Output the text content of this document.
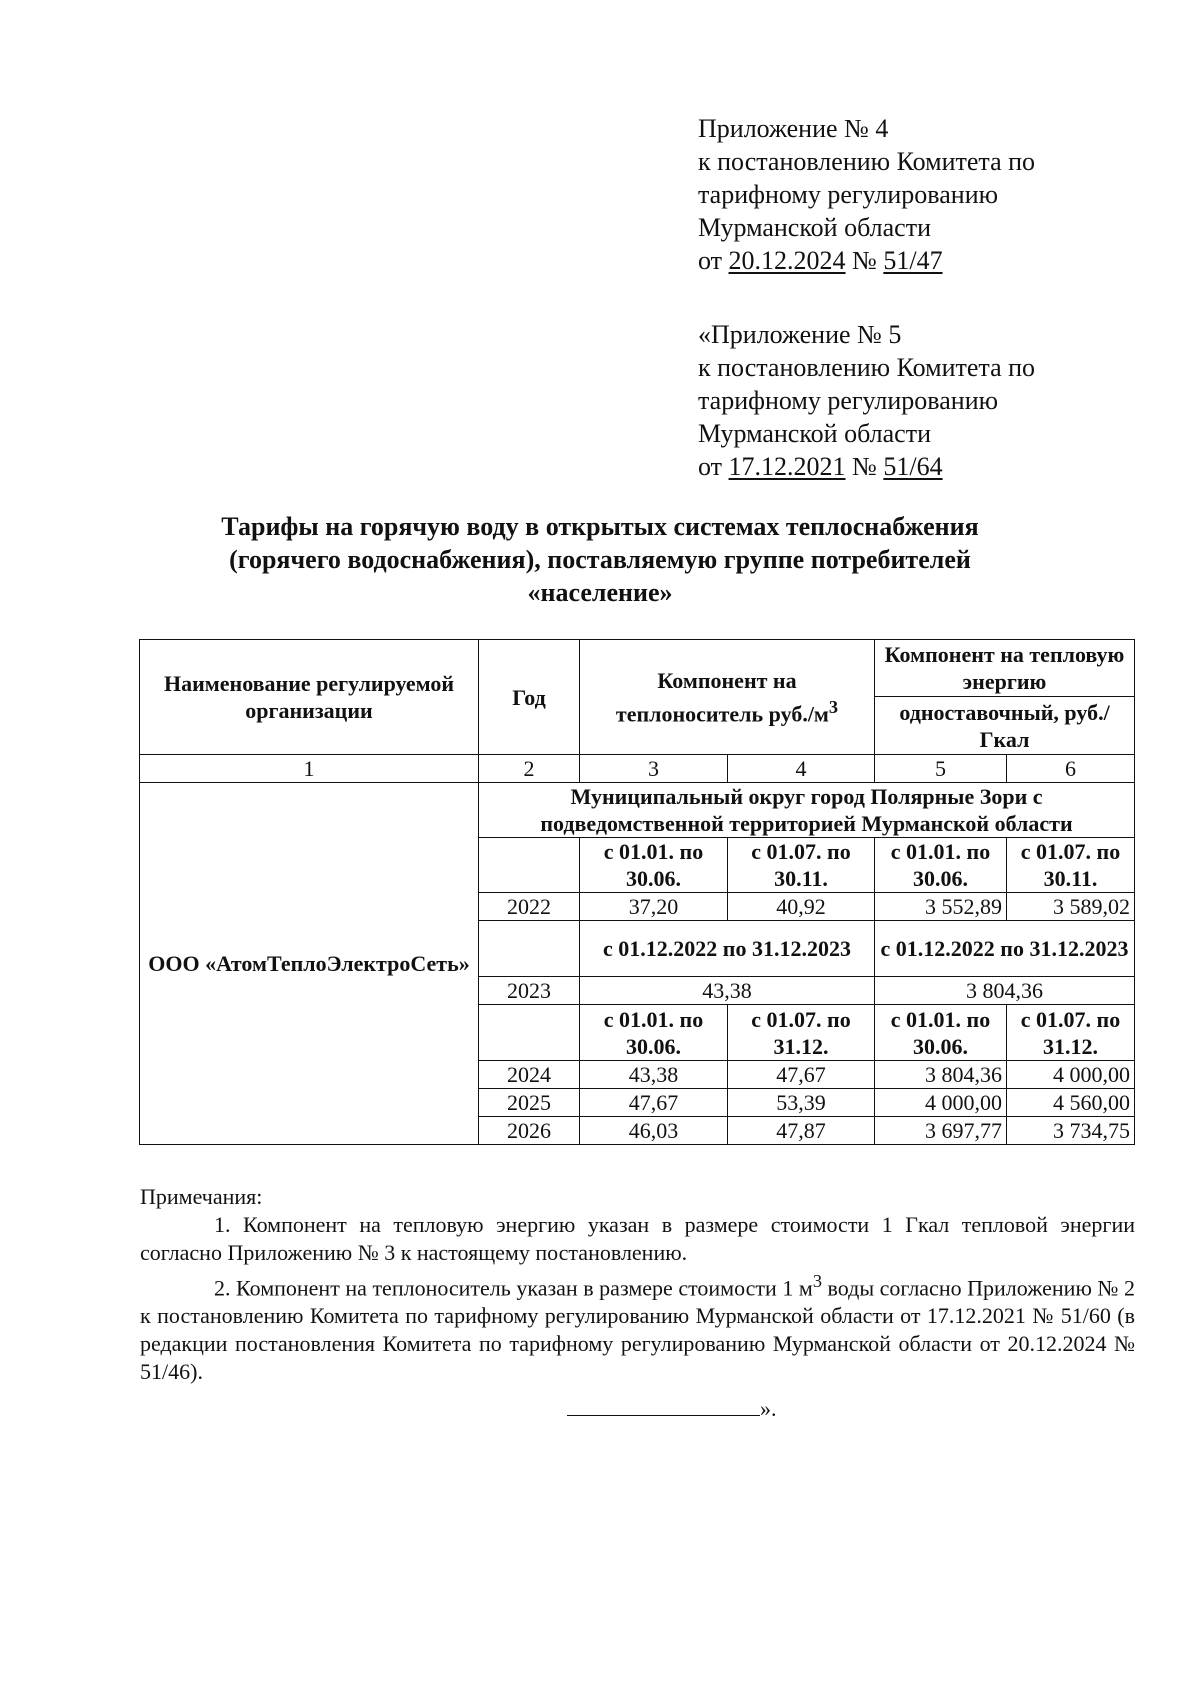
Приложение № 4
к постановлению Комитета по
тарифному регулированию
Мурманской области
от 20.12.2024 № 51/47
«Приложение № 5
к постановлению Комитета по
тарифному регулированию
Мурманской области
от 17.12.2021 № 51/64
Тарифы на горячую воду в открытых системах теплоснабжения
(горячего водоснабжения), поставляемую группе потребителей
«население»
Наименование регулируемой организации	Год	Компонент на теплоноситель $руб./м^3$		Компонент на тепловую энергию	
				одноставочный, руб./Гкал	
1	2	3	4	5	6
ООО «АтомТеплоЭлектроСеть»	Муниципальный округ город Полярные Зори с подведомственной территорией Мурманской области				
		с 01.01. по 30.06.	с 01.07. по 30.11.	с 01.01. по 30.06.	с 01.07. по 30.11.
	2022	37,20	40,92	3 552,89	3 589,02
		с 01.12.2022 по 31.12.2023		с 01.12.2022 по 31.12.2023	
	2023	43,38		3 804,36	
		с 01.01. по 30.06.	с 01.07. по 31.12.	с 01.01. по 30.06.	с 01.07. по 31.12.
	2024	43,38	47,67	3 804,36	4 000,00
	2025	47,67	53,39	4 000,00	4 560,00
	2026	46,03	47,87	3 697,77	3 734,75

Примечания:

1. Компонент на тепловую энергию указан в размере стоимости 1 Гкал тепловой энергии согласно Приложению № 3 к настоящему постановлению.

2. Компонент на теплоноситель указан в размере стоимости 1 $м^3$ воды согласно Приложению № 2 к постановлению Комитета по тарифному регулированию Мурманской области от 17.12.2021 № 51/60 (в редакции постановления Комитета по тарифному регулированию Мурманской области от 20.12.2024 № 51/46).

».
